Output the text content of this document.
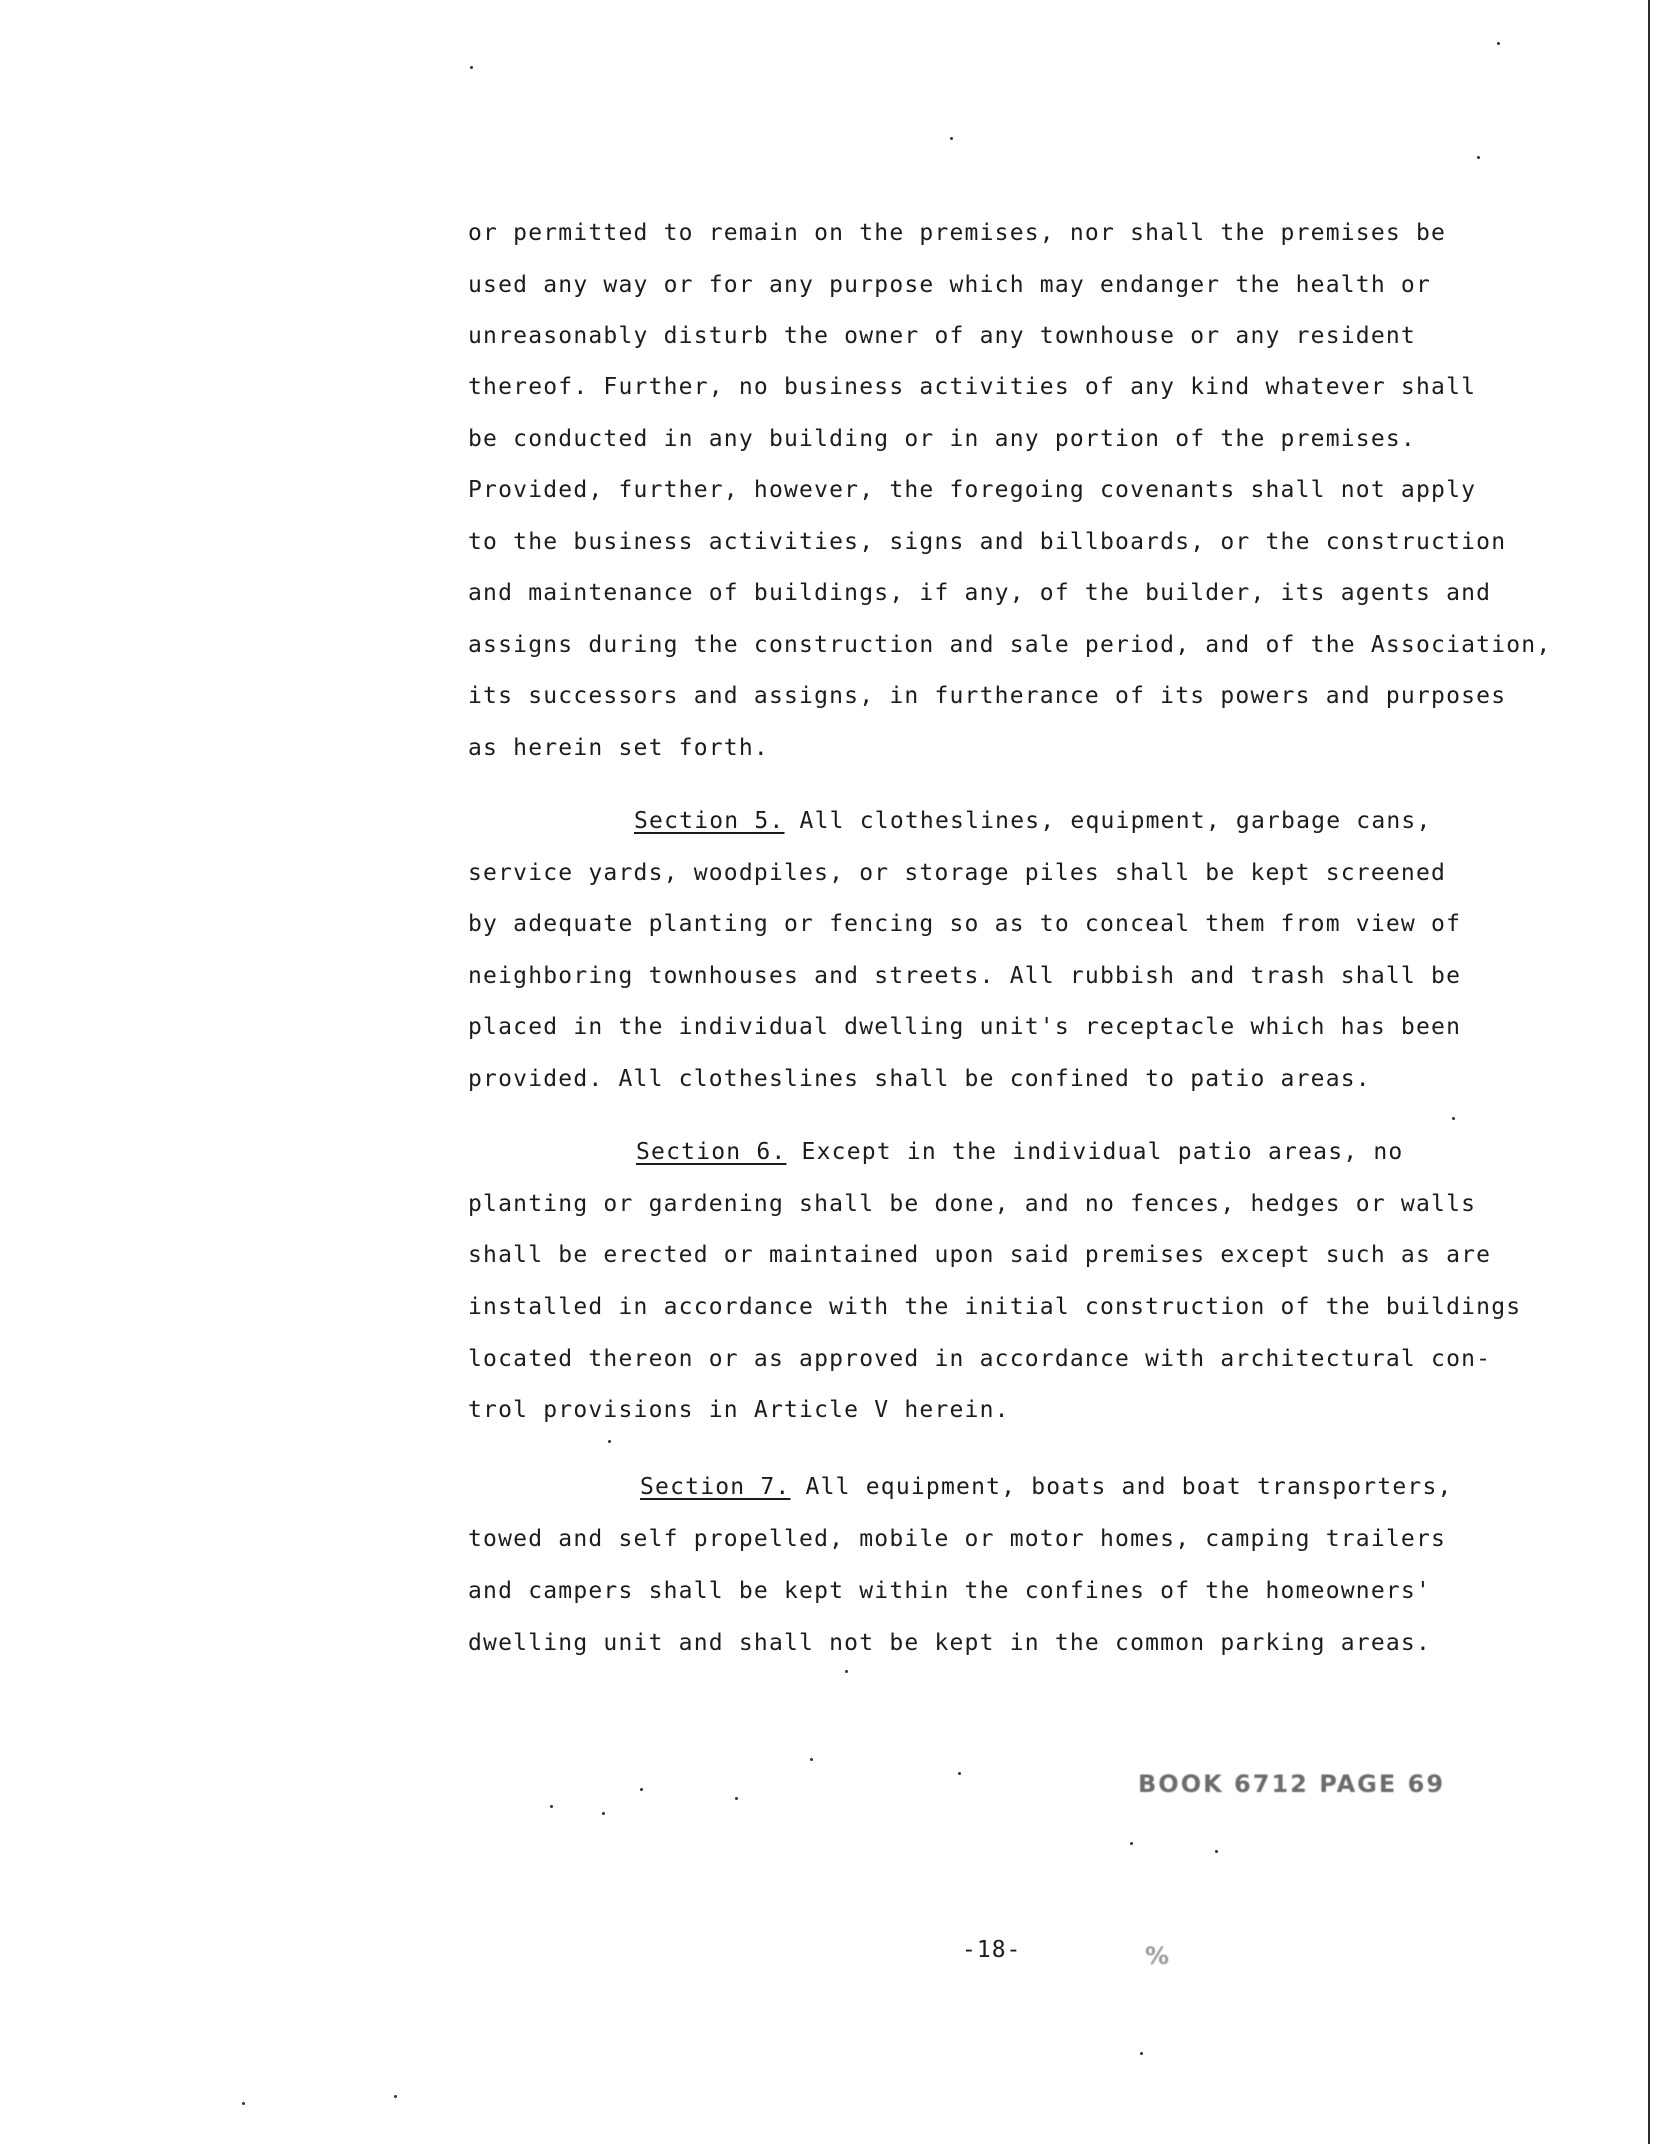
or permitted to remain on the premises, nor shall the premises be
used any way or for any purpose which may endanger the health or
unreasonably disturb the owner of any townhouse or any resident
thereof. Further, no business activities of any kind whatever shall
be conducted in any building or in any portion of the premises.
Provided, further, however, the foregoing covenants shall not apply
to the business activities, signs and billboards, or the construction
and maintenance of buildings, if any, of the builder, its agents and
assigns during the construction and sale period, and of the Association,
its successors and assigns, in furtherance of its powers and purposes
as herein set forth.
Section 5. All clotheslines, equipment, garbage cans,
service yards, woodpiles, or storage piles shall be kept screened
by adequate planting or fencing so as to conceal them from view of
neighboring townhouses and streets. All rubbish and trash shall be
placed in the individual dwelling unit's receptacle which has been
provided. All clotheslines shall be confined to patio areas.
Section 6. Except in the individual patio areas, no
planting or gardening shall be done, and no fences, hedges or walls
shall be erected or maintained upon said premises except such as are
installed in accordance with the initial construction of the buildings
located thereon or as approved in accordance with architectural con-
trol provisions in Article V herein.
Section 7. All equipment, boats and boat transporters,
towed and self propelled, mobile or motor homes, camping trailers
and campers shall be kept within the confines of the homeowners'
dwelling unit and shall not be kept in the common parking areas.
BOOK 6712 PAGE 69
%
-18-
